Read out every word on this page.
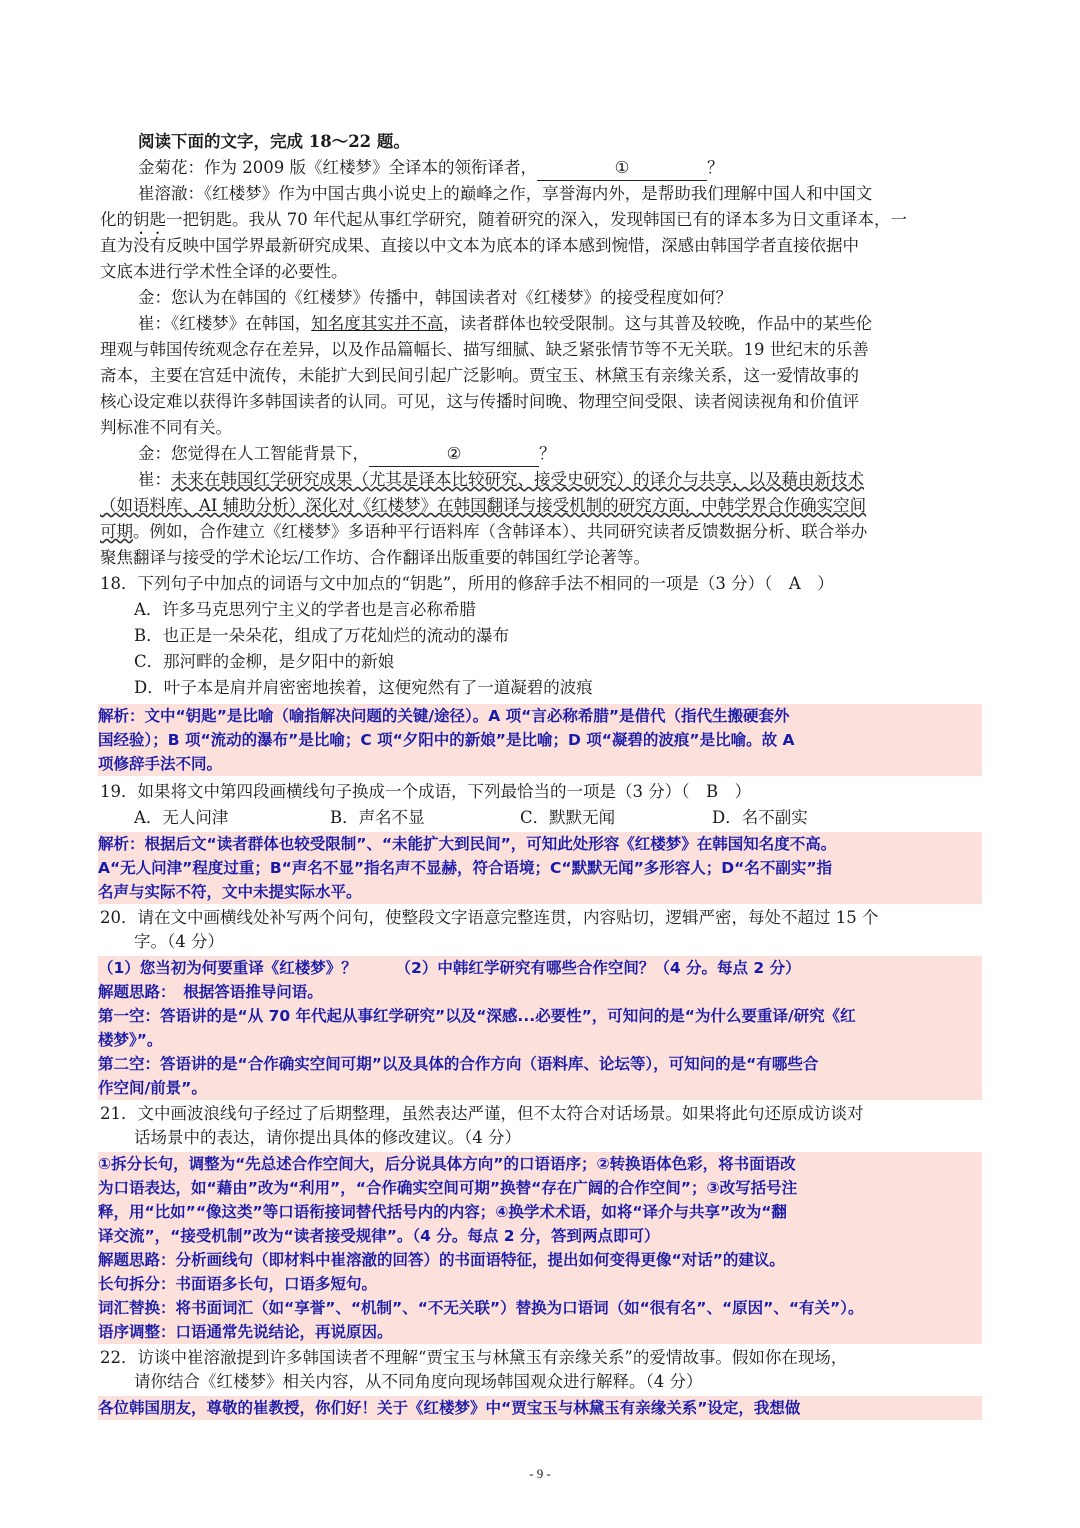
阅读下面的文字，完成 18～22 题。
金菊花：作为 2009 版《红楼梦》全译本的领衔译者，	①	？
崔溶澈：《红楼梦》作为中国古典小说史上的巅峰之作，享誉海内外，是帮助我们理解中国人和中国文
化的钥匙一把钥匙。我从 70 年代起从事红学研究，随着研究的深入，发现韩国已有的译本多为日文重译本，一
直为没有反映中国学界最新研究成果、直接以中文本为底本的译本感到惋惜，深感由韩国学者直接依据中
文底本进行学术性全译的必要性。
金：您认为在韩国的《红楼梦》传播中，韩国读者对《红楼梦》的接受程度如何？
崔：《红楼梦》在韩国，知名度其实并不高，读者群体也较受限制。这与其普及较晚，作品中的某些伦
理观与韩国传统观念存在差异，以及作品篇幅长、描写细腻、缺乏紧张情节等不无关联。19 世纪末的乐善
斋本，主要在宫廷中流传，未能扩大到民间引起广泛影响。贾宝玉、林黛玉有亲缘关系，这一爱情故事的
核心设定难以获得许多韩国读者的认同。可见，这与传播时间晚、物理空间受限、读者阅读视角和价值评
判标准不同有关。
金：您觉得在人工智能背景下，	②	？
崔：未来在韩国红学研究成果（尤其是译本比较研究、接受史研究）的译介与共享，以及藉由新技术
（如语料库、AI 辅助分析）深化对《红楼梦》在韩国翻译与接受机制的研究方面，中韩学界合作确实空间
可期。例如，合作建立《红楼梦》多语种平行语料库（含韩译本）、共同研究读者反馈数据分析、联合举办
聚焦翻译与接受的学术论坛/工作坊、合作翻译出版重要的韩国红学论著等。
18．下列句子中加点的词语与文中加点的“钥匙”，所用的修辞手法不相同的一项是（3 分）（　A　）
A．许多马克思列宁主义的学者也是言必称希腊
B．也正是一朵朵花，组成了万花灿烂的流动的瀑布
C．那河畔的金柳，是夕阳中的新娘
D．叶子本是肩并肩密密地挨着，这便宛然有了一道凝碧的波痕
解析：文中“钥匙”是比喻（喻指解决问题的关键/途径）。A 项“言必称希腊”是借代（指代生搬硬套外
国经验）；B 项“流动的瀑布”是比喻；C 项“夕阳中的新娘”是比喻；D 项“凝碧的波痕”是比喻。故 A
项修辞手法不同。
19．如果将文中第四段画横线句子换成一个成语，下列最恰当的一项是（3 分）（　B　）
A．无人问津	B．声名不显	C．默默无闻	D．名不副实
解析：根据后文“读者群体也较受限制”、“未能扩大到民间”，可知此处形容《红楼梦》在韩国知名度不高。
A“无人问津”程度过重；B“声名不显”指名声不显赫，符合语境；C“默默无闻”多形容人；D“名不副实”指
名声与实际不符，文中未提实际水平。
20．请在文中画横线处补写两个问句，使整段文字语意完整连贯，内容贴切，逻辑严密，每处不超过 15 个
字。（4 分）
（1）您当初为何要重译《红楼梦》？　　　（2）中韩红学研究有哪些合作空间？（4 分。每点 2 分）
解题思路：　根据答语推导问语。
第一空：答语讲的是“从 70 年代起从事红学研究”以及“深感...必要性”，可知问的是“为什么要重译/研究《红
楼梦》”。
第二空：答语讲的是“合作确实空间可期”以及具体的合作方向（语料库、论坛等），可知问的是“有哪些合
作空间/前景”。
21．文中画波浪线句子经过了后期整理，虽然表达严谨，但不太符合对话场景。如果将此句还原成访谈对
话场景中的表达，请你提出具体的修改建议。（4 分）
①拆分长句，调整为“先总述合作空间大，后分说具体方向”的口语语序；②转换语体色彩，将书面语改
为口语表达，如“藉由”改为“利用”，“合作确实空间可期”换替“存在广阔的合作空间”；③改写括号注
释，用“比如”“像这类”等口语衔接词替代括号内的内容；④换学术术语，如将“译介与共享”改为“翻
译交流”，“接受机制”改为“读者接受规律”。（4 分。每点 2 分，答到两点即可）
解题思路：分析画线句（即材料中崔溶澈的回答）的书面语特征，提出如何变得更像“对话”的建议。
长句拆分：书面语多长句，口语多短句。
词汇替换：将书面词汇（如“享誉”、“机制”、“不无关联”）替换为口语词（如“很有名”、“原因”、“有关”）。
语序调整：口语通常先说结论，再说原因。
22．访谈中崔溶澈提到许多韩国读者不理解“贾宝玉与林黛玉有亲缘关系”的爱情故事。假如你在现场，
请你结合《红楼梦》相关内容，从不同角度向现场韩国观众进行解释。（4 分）
各位韩国朋友，尊敬的崔教授，你们好！关于《红楼梦》中“贾宝玉与林黛玉有亲缘关系”设定，我想做
- 9 -
